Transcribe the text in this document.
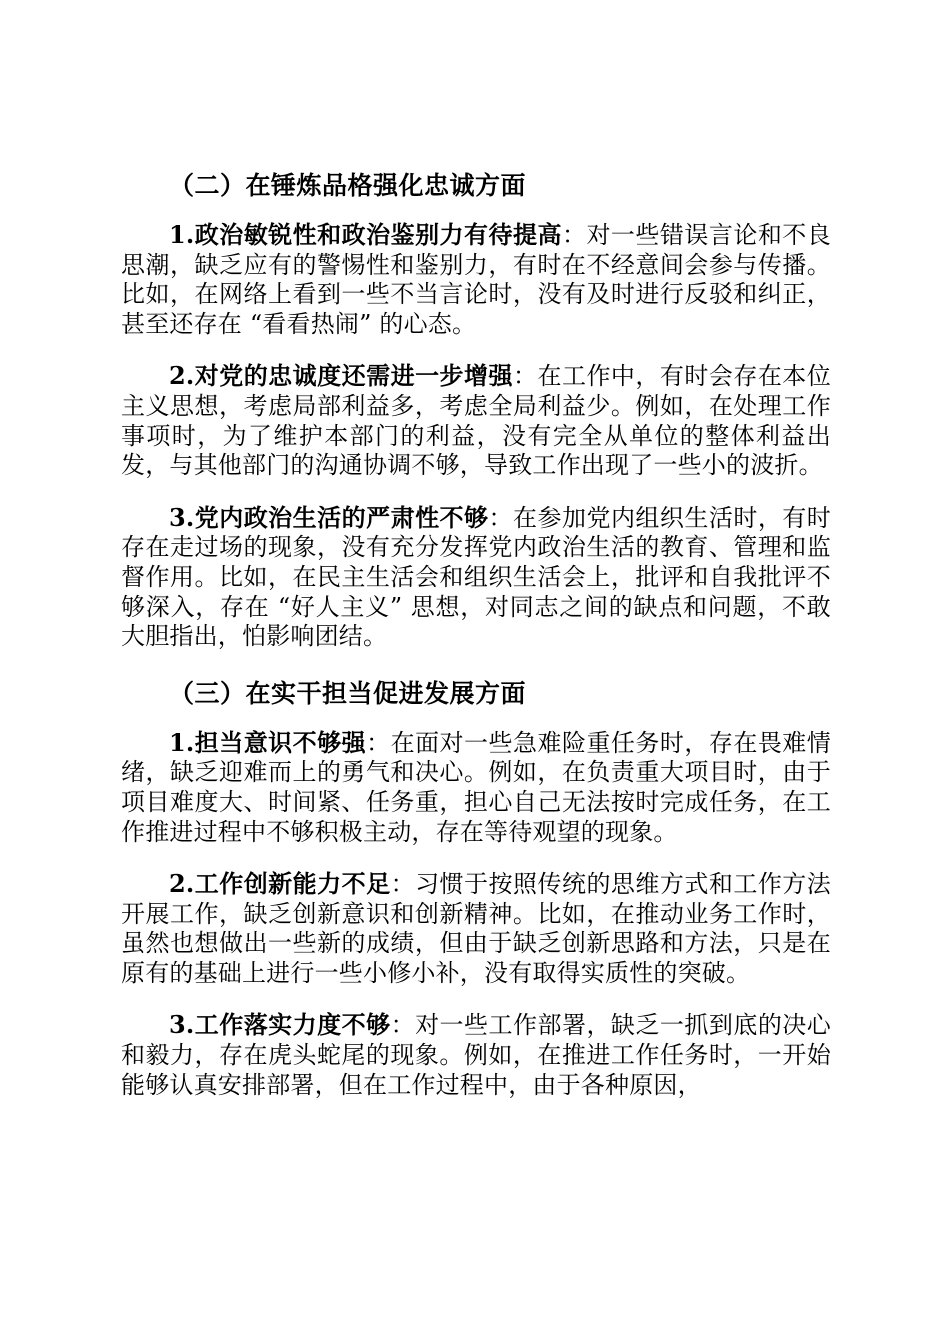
（二）在锤炼品格强化忠诚方面

1.政治敏锐性和政治鉴别力有待提高：对一些错误言论和不良思潮，缺乏应有的警惕性和鉴别力，有时在不经意间会参与传播。比如，在网络上看到一些不当言论时，没有及时进行反驳和纠正，甚至还存在 “看看热闹” 的心态。

2.对党的忠诚度还需进一步增强：在工作中，有时会存在本位主义思想，考虑局部利益多，考虑全局利益少。例如，在处理工作事项时，为了维护本部门的利益，没有完全从单位的整体利益出发，与其他部门的沟通协调不够，导致工作出现了一些小的波折。

3.党内政治生活的严肃性不够：在参加党内组织生活时，有时存在走过场的现象，没有充分发挥党内政治生活的教育、管理和监督作用。比如，在民主生活会和组织生活会上，批评和自我批评不够深入，存在 “好人主义” 思想，对同志之间的缺点和问题，不敢大胆指出，怕影响团结。

（三）在实干担当促进发展方面

1.担当意识不够强：在面对一些急难险重任务时，存在畏难情绪，缺乏迎难而上的勇气和决心。例如，在负责重大项目时，由于项目难度大、时间紧、任务重，担心自己无法按时完成任务，在工作推进过程中不够积极主动，存在等待观望的现象。

2.工作创新能力不足：习惯于按照传统的思维方式和工作方法开展工作，缺乏创新意识和创新精神。比如，在推动业务工作时，虽然也想做出一些新的成绩，但由于缺乏创新思路和方法，只是在原有的基础上进行一些小修小补，没有取得实质性的突破。

3.工作落实力度不够：对一些工作部署，缺乏一抓到底的决心和毅力，存在虎头蛇尾的现象。例如，在推进工作任务时，一开始能够认真安排部署，但在工作过程中，由于各种原因，
